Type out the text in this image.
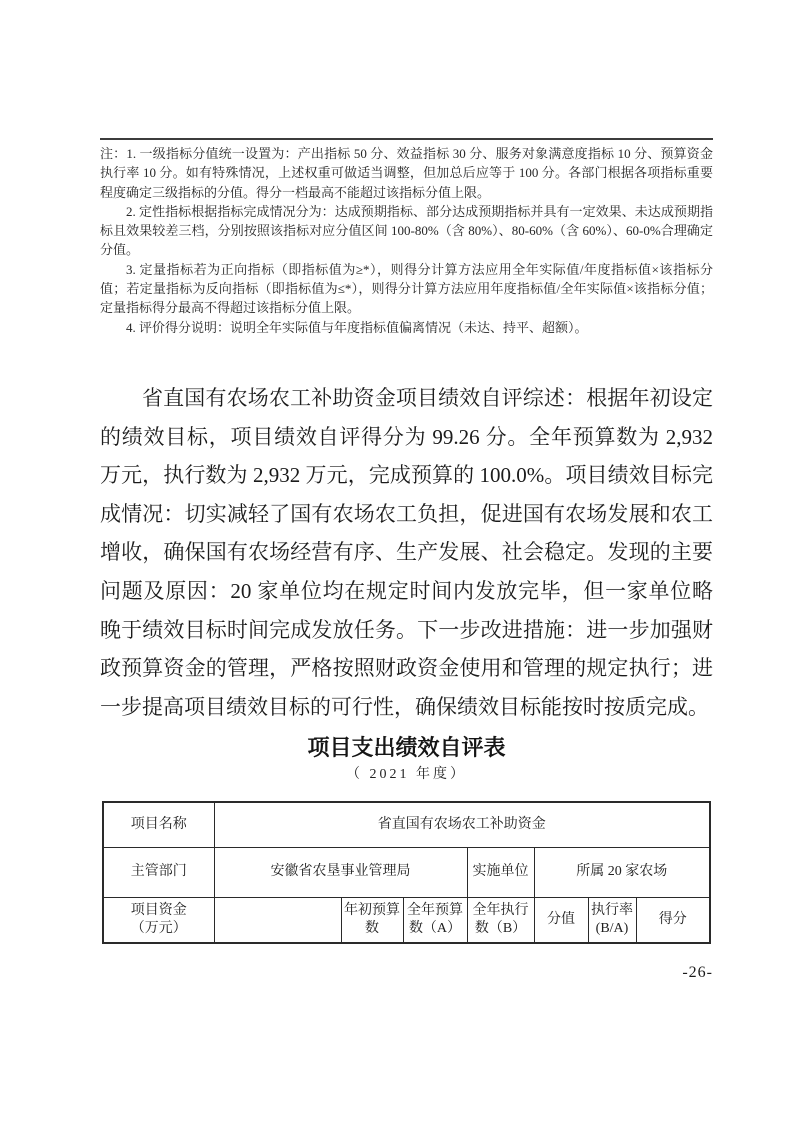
注：1. 一级指标分值统一设置为：产出指标 50 分、效益指标 30 分、服务对象满意度指标 10 分、预算资金执行率 10 分。如有特殊情况，上述权重可做适当调整，但加总后应等于 100 分。各部门根据各项指标重要程度确定三级指标的分值。得分一档最高不能超过该指标分值上限。

2. 定性指标根据指标完成情况分为：达成预期指标、部分达成预期指标并具有一定效果、未达成预期指标且效果较差三档，分别按照该指标对应分值区间 100-80%（含 80%）、80-60%（含 60%）、60-0%合理确定分值。

3. 定量指标若为正向指标（即指标值为≥*），则得分计算方法应用全年实际值/年度指标值×该指标分值；若定量指标为反向指标（即指标值为≤*），则得分计算方法应用年度指标值/全年实际值×该指标分值；定量指标得分最高不得超过该指标分值上限。

4. 评价得分说明：说明全年实际值与年度指标值偏离情况（未达、持平、超额）。

省直国有农场农工补助资金项目绩效自评综述：根据年初设定的绩效目标，项目绩效自评得分为 99.26 分。全年预算数为 2,932 万元，执行数为 2,932 万元，完成预算的 100.0%。项目绩效目标完成情况：切实减轻了国有农场农工负担，促进国有农场发展和农工增收，确保国有农场经营有序、生产发展、社会稳定。发现的主要问题及原因：20 家单位均在规定时间内发放完毕，但一家单位略晚于绩效目标时间完成发放任务。下一步改进措施：进一步加强财政预算资金的管理，严格按照财政资金使用和管理的规定执行；进一步提高项目绩效目标的可行性，确保绩效目标能按时按质完成。

项目支出绩效自评表
（ 2021 年度）
项目名称	省直国有农场农工补助资金						
主管部门	安徽省农垦事业管理局			实施单位	所属 20 家农场		
项目资金（万元）		年初预算数	全年预算数（A）	全年执行数（B）	分值	执行率(B/A)	得分
-26-
